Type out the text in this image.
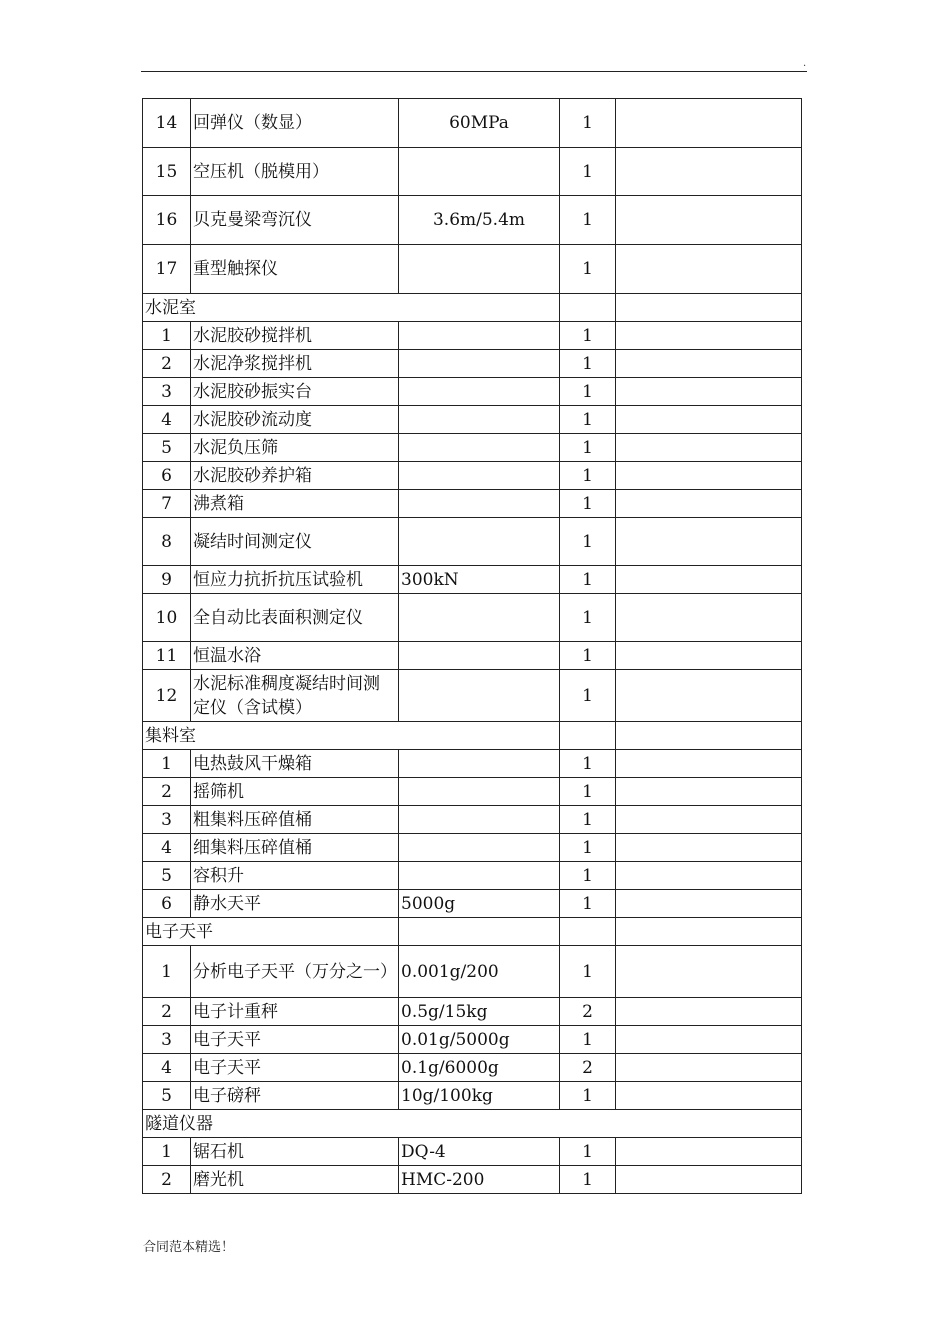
.
14	回弹仪（数显）	60MPa	1	
15	空压机（脱模用）		1	
16	贝克曼梁弯沉仪	3.6m/5.4m	1	
17	重型触探仪		1	
水泥室				
1	水泥胶砂搅拌机		1	
2	水泥净浆搅拌机		1	
3	水泥胶砂振实台		1	
4	水泥胶砂流动度		1	
5	水泥负压筛		1	
6	水泥胶砂养护箱		1	
7	沸煮箱		1	
8	凝结时间测定仪		1	
9	恒应力抗折抗压试验机	300kN	1	
10	全自动比表面积测定仪		1	
11	恒温水浴		1	
12	水泥标准稠度凝结时间测定仪（含试模）		1	
集料室				
1	电热鼓风干燥箱		1	
2	摇筛机		1	
3	粗集料压碎值桶		1	
4	细集料压碎值桶		1	
5	容积升		1	
6	静水天平	5000g	1	
电子天平				
1	分析电子天平（万分之一）	0.001g/200	1	
2	电子计重秤	0.5g/15kg	2	
3	电子天平	0.01g/5000g	1	
4	电子天平	0.1g/6000g	2	
5	电子磅秤	10g/100kg	1	
隧道仪器				
1	锯石机	DQ-4	1	
2	磨光机	HMC-200	1	
合同范本精选！
